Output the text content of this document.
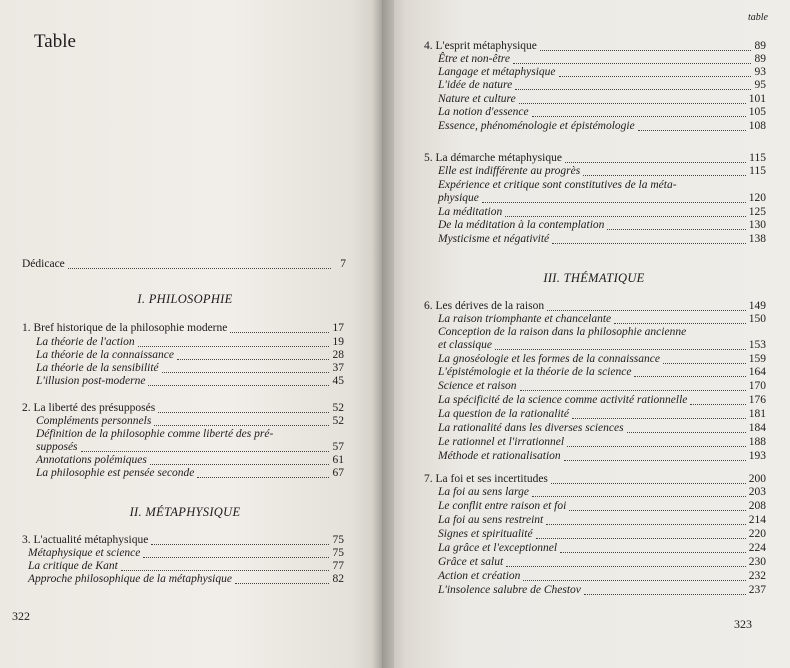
Table
Dédicace	7
I. PHILOSOPHIE
1. Bref historique de la philosophie moderne	17
La théorie de l'action	19
La théorie de la connaissance	28
La théorie de la sensibilité	37
L'illusion post-moderne	45
2. La liberté des présupposés	52
Compléments personnels	52
Définition de la philosophie comme liberté des pré-
supposés	57
Annotations polémiques	61
La philosophie est pensée seconde	67
II. MÉTAPHYSIQUE
3. L'actualité métaphysique	75
Métaphysique et science	75
La critique de Kant	77
Approche philosophique de la métaphysique	82
322
table
4. L'esprit métaphysique	89
Être et non-être	89
Langage et métaphysique	93
L'idée de nature	95
Nature et culture	101
La notion d'essence	105
Essence, phénoménologie et épistémologie	108
5. La démarche métaphysique	115
Elle est indifférente au progrès	115
Expérience et critique sont constitutives de la méta-
physique	120
La méditation	125
De la méditation à la contemplation	130
Mysticisme et négativité	138
III. THÉMATIQUE
6. Les dérives de la raison	149
La raison triomphante et chancelante	150
Conception de la raison dans la philosophie ancienne
et classique	153
La gnoséologie et les formes de la connaissance	159
L'épistémologie et la théorie de la science	164
Science et raison	170
La spécificité de la science comme activité rationnelle	176
La question de la rationalité	181
La rationalité dans les diverses sciences	184
Le rationnel et l'irrationnel	188
Méthode et rationalisation	193
7. La foi et ses incertitudes	200
La foi au sens large	203
Le conflit entre raison et foi	208
La foi au sens restreint	214
Signes et spiritualité	220
La grâce et l'exceptionnel	224
Grâce et salut	230
Action et création	232
L'insolence salubre de Chestov	237
323
